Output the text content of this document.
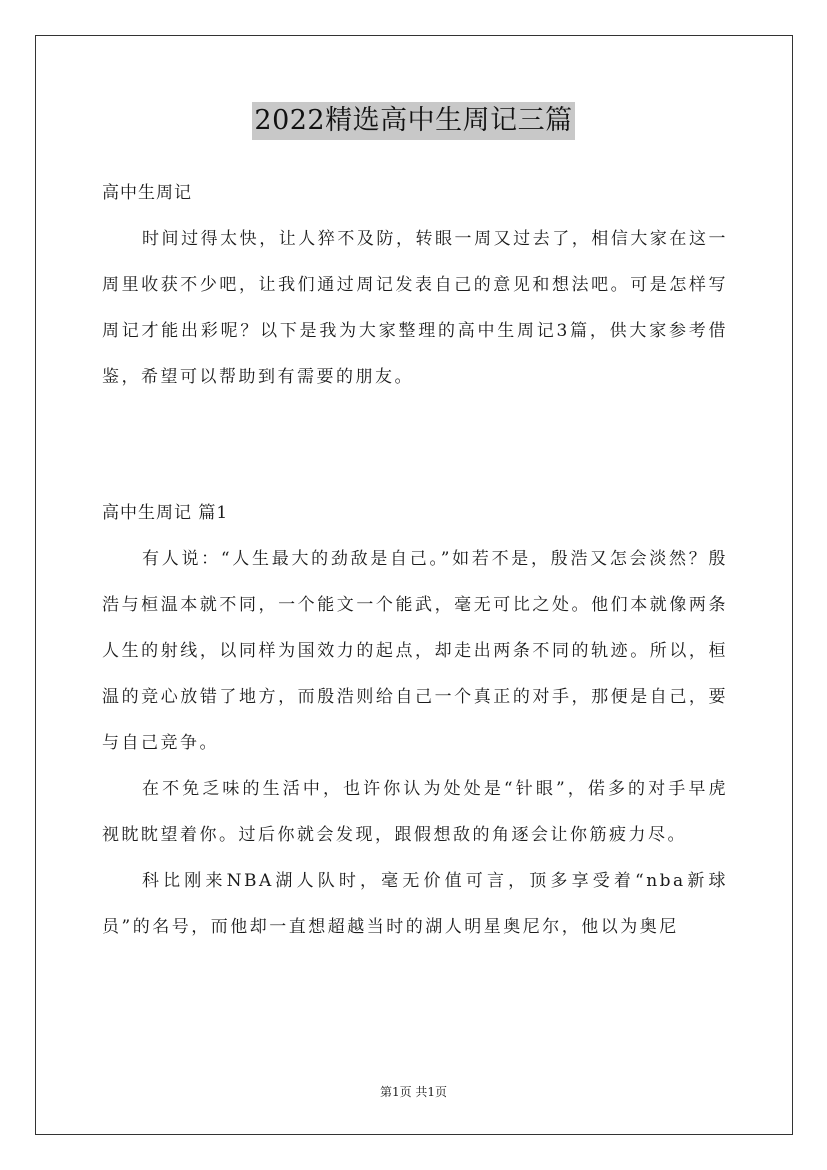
2022精选高中生周记三篇

高中生周记

时间过得太快，让人猝不及防，转眼一周又过去了，相信大家在这一周里收获不少吧，让我们通过周记发表自己的意见和想法吧。可是怎样写周记才能出彩呢？以下是我为大家整理的高中生周记3篇，供大家参考借鉴，希望可以帮助到有需要的朋友。

高中生周记 篇1

有人说：“人生最大的劲敌是自己。”如若不是，殷浩又怎会淡然？殷浩与桓温本就不同，一个能文一个能武，毫无可比之处。他们本就像两条人生的射线，以同样为国效力的起点，却走出两条不同的轨迹。所以，桓温的竞心放错了地方，而殷浩则给自己一个真正的对手，那便是自己，要与自己竞争。

在不免乏味的生活中，也许你认为处处是“针眼”，偌多的对手早虎视眈眈望着你。过后你就会发现，跟假想敌的角逐会让你筋疲力尽。

科比刚来NBA湖人队时，毫无价值可言，顶多享受着“nba新球员”的名号，而他却一直想超越当时的湖人明星奥尼尔，他以为奥尼

第1页 共1页
